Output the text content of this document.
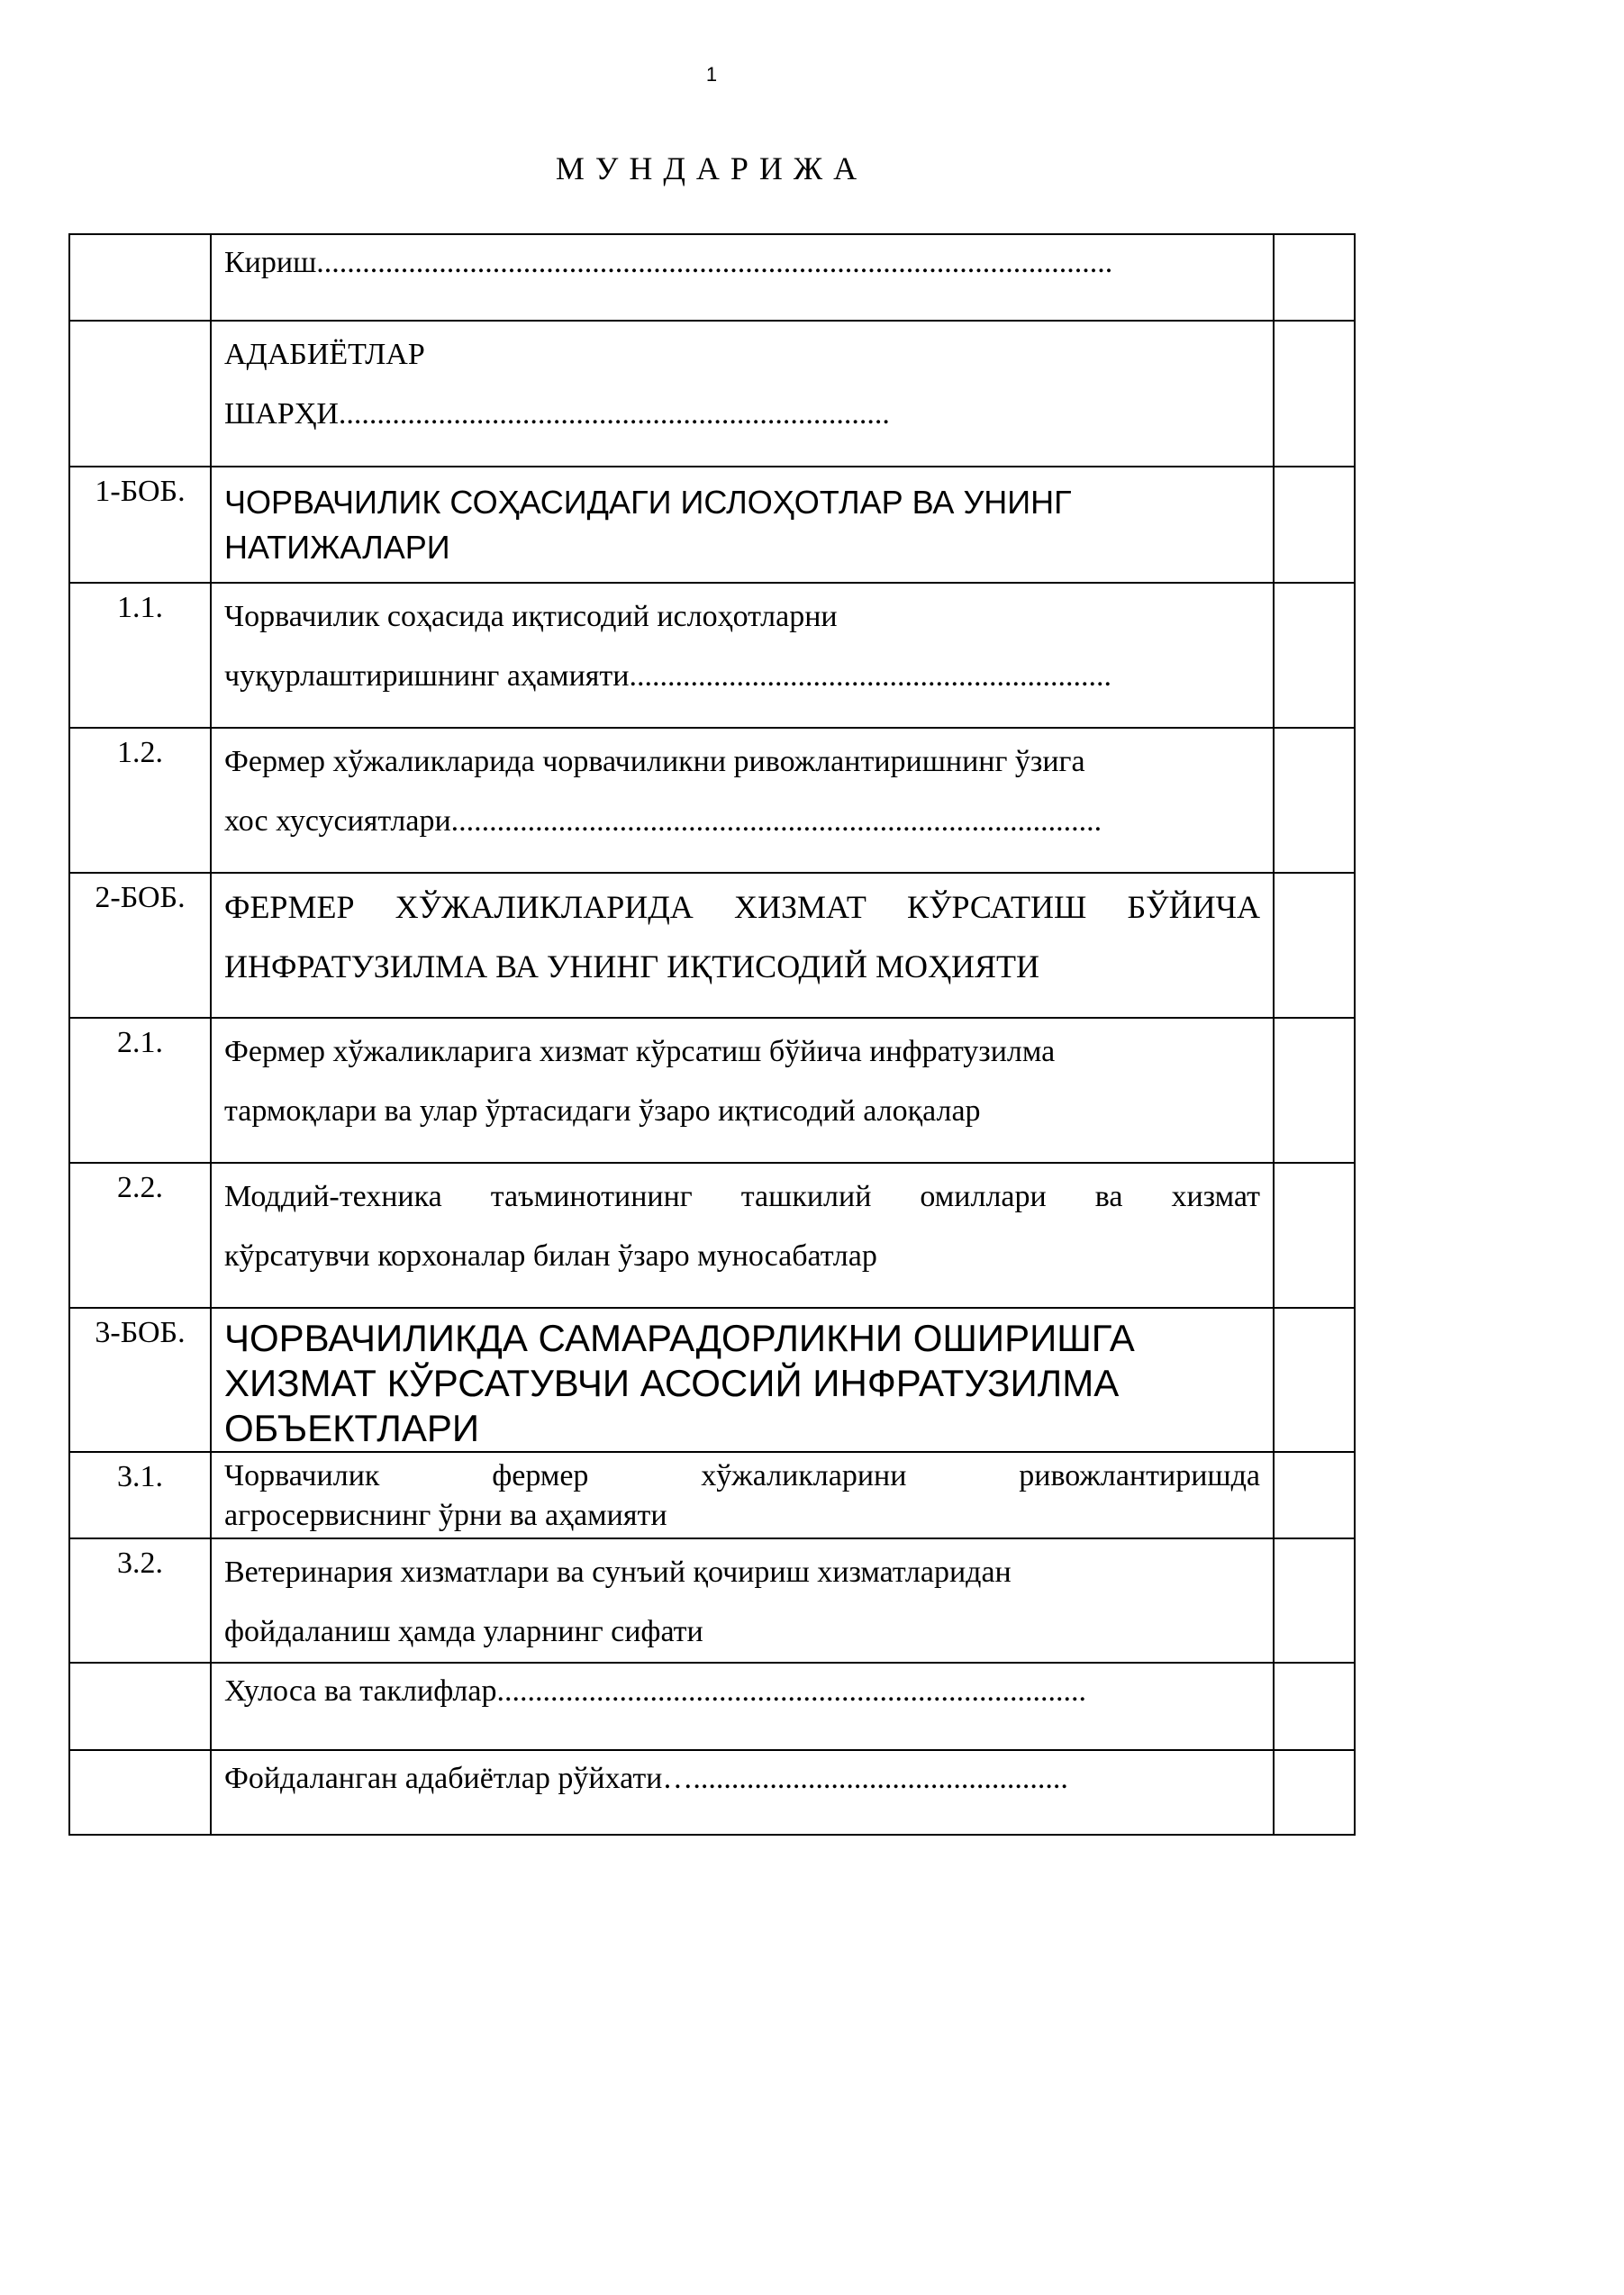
1
МУНДАРИЖА

	Кириш........................................................................................................	

	АДАБИЁТЛАР
ШАРҲИ........................................................................	

1-БОБ.	ЧОРВАЧИЛИК СОҲАСИДАГИ ИСЛОҲОТЛАР ВА УНИНГ НАТИЖАЛАРИ	

1.1.	Чорвачилик соҳасида иқтисодий ислоҳотларни
чуқурлаштиришнинг аҳамияти...............................................................	

1.2.	Фермер хўжаликларида чорвачиликни ривожлантиришнинг ўзига
хос хусусиятлари.....................................................................................	

2-БОБ.	ФЕРМЕР ХЎЖАЛИКЛАРИДА ХИЗМАТ КЎРСАТИШ БЎЙИЧА
ИНФРАТУЗИЛМА ВА УНИНГ ИҚТИСОДИЙ МОҲИЯТИ	

2.1.	Фермер хўжаликларига хизмат кўрсатиш бўйича инфратузилма
тармоқлари ва улар ўртасидаги ўзаро иқтисодий алоқалар	

2.2.	Моддий-техника таъминотининг ташкилий омиллари ва хизмат
кўрсатувчи корхоналар билан ўзаро муносабатлар	

3-БОБ.	ЧОРВАЧИЛИКДА САМАРАДОРЛИКНИ ОШИРИШГА ХИЗМАТ КЎРСАТУВЧИ АСОСИЙ ИНФРАТУЗИЛМА ОБЪЕКТЛАРИ	

3.1.	Чорвачилик фермер хўжаликларини ривожлантиришда
агросервиснинг ўрни ва аҳамияти	

3.2.	Ветеринария хизматлари ва сунъий қочириш хизматларидан
фойдаланиш ҳамда уларнинг сифати	

	Хулоса ва таклифлар.............................................................................	

	Фойдаланган адабиётлар рўйхати….................................................	
